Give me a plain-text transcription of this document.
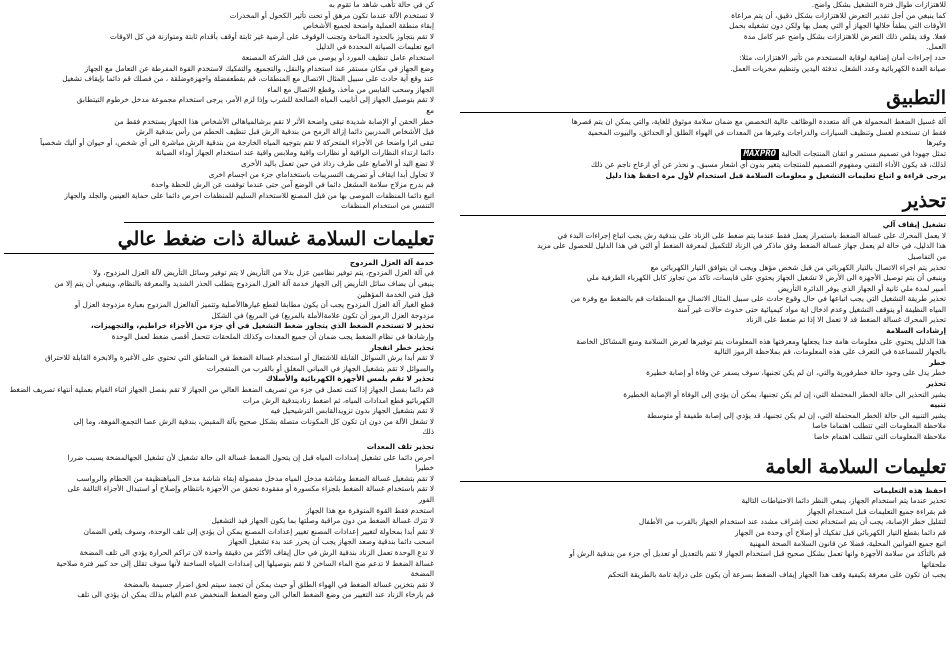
كن في حالة تأهب شاهد ما تقوم به
لا تستخدم الآلة عندما تكون مرهق أو تحت تأثير الكحول أو المخدرات
إبقاء منطقة العملية واضحة لجميع الأشخاص
لا تقم بتجاوز بالحدود المتاحة وتجنب الوقوف على أرضية غير ثابتة أوقف بأقدام ثابتة ومتوازنة في كل الاوقات
اتبع تعليمات الصيانة المحددة في الدليل
استخدام عامل تنظيف المورد أو يوصى من قبل الشركة المصنعة
وضع الجهاز في مكان مستقر عند استخدام والنقل، والتجميع، والتفكيك لاستخدم القوة المفرطة عن التعامل مع الجهاز
عند وقع آية حادث على سبيل المثال الاتصال مع المنطقات، قم بقطعفضلة واجهزةوضلقة ، من فصلك قم دائما بإيقاف تشغيل
الجهاز وسحب القابس من مأخذ، وقطع الاتصال مع الماء
لا تقم بتوصيل الجهاز إلى أنابيب المياه الصالحة للشرب وإذا لزم الأمر، يرجى استخدام مجموعة مدخل خرطوم التيتطابق
مع
خطر الحقن أو الإصابة شديدة تبقى واضحة الأثر لا تقم برشالمياهالى الأشخاص هذا الجهاز يستخدم فقط من
قبل الأشخاص المدربين دائما إزالة الرمح من بندقية الرش قبل تنظيف الحطم من رأس بندقية الرش
تبقى اثرا واضحا عن الأجزاء المتحركة لا تقم بتوجيه المياه الخارجة من بندقية الرش مباشرة الى أي شخص، أو حيوان أو أليك شخصياً
دائما ارتداء النظارات الواقية أو نظارات واقية وملابس واقية عند استخدام الجهاز أوداء الصيانة
لا تضع اليد أو الأصابع على طرف رذاذ في حين تعمل باليد الأخرى
لا تحاول أبدا ايقاف أو تصريف التسريبات باستخداماي جزء من اجسام اخرى
قم بدرج مزلاج سلامة المشغل دائما في الوضع آمن حتى عندما توقفت عن الرش للحظة واحدة
اتبع دائما المنظفات الموصى بها من قبل المصنع للاستخدام السليم للمنظفات احرص دائما على حماية العينين والجلد والجهاز
التنفس من استخدام المنظفات
تعليمات السلامة غسالة ذات ضغط عالي
خدمة آلة العزل المزدوج
في آلة العزل المزدوج، يتم توفير نظامين عزل بدلا من التأريض لا يتم توفير وسائل التأريض لآلة العزل المزدوج، ولا
ينبغي أن يضاف سائل التأريض إلى الجهاز خدمة آلة العزل المزدوج يتطلب الحذر الشديد والمعرفة بالنظام، وينبغي أن يتم إلا من
قبل فني الخدمة المؤهلين
قطع الغيار آلة العزل المزدوج يجب أن يكون مطابقا لقطع غيارهاالأصلية وتتميز آلةالعزل المزدوج بعبارة مزدوجة العزل أو
مزدوجة العزل الرموز أن تكون علامةالأملة بالمربع) في المربع) في الشكل
تحذير لا تستخدم الضغط الذي يتجاوز ضغط التشغيل في أي جزء من الأجزاء خراطيم، والتجهيزات،
وإرشادها في نظام الضغط يجب ضمان أن جميع المعدات وكذلك الملحقات تتحمل أقصى ضغط لعمل الوحدة
تحذير خطر انفجار
لا تقم أبدا برش السوائل القابلة للاشتعال أو استخدام غسالة الضغط في المناطق التي تحتوي على الأغبرة والابخرة القابلة للاحتراق
والسوائل لا تقم بتشغيل الجهاز في المباني المغلق أو بالقرب من المتفجرات
تحذير لا تقم بلمس الأجهزة الكهربائية والأسلاك
قم دائما بفصل الجهاز إذا كنت تعمل في جزء من تصريف الضغط العالي من الجهاز لا تقم بفصل الجهاز اثناء القيام بعملية أنتهاء تصريف الضغط
الكهربائيو قطع امدادات المياه، ثم اضغط زناديندقية الرش مرات
لا تقم بتشغيل الجهاز بدون تزويدالقابس الترشيحيل فيه
لا تشغل الآلة من دون ان تكون كل المكونات متصلة بشكل صحيح بآلة المقبض، بندقية الرش عصا التجمع،الفوهة، وما إلى
ذلك
تحذير تلف المعدات
احرص دائما على تشغيل إمدادات المياه قبل إن يتحول الضغط غسالة الى حالة تشغيل لأن تشغيل الجهالمضخة يسبب ضررا
خطيرا
لا تقم بتشغيل غسالة الضغط وشاشة مدخل المياه مدخل مفصولة إبقاء شاشة مدخل المياهنظيفة من الحطام والرواسب
لا تقم باستخدام غسالة الضغط بلجزاء مكسورة أو مفقودة تحقق من الأجهزة بانتظام وإصلاح أو استبدال الأجزاء التالفة على
الفور
استخدم فقط القوة المتوفرة مع هذا الجهاز
لا تترك غسالة الضغط من دون مراقبة وصلتها بما يكون الجهاز قيد التشغيل
لا تقم أبدا بمحاولة لتغيير إعدادات المصنع تغيير إعدادات المصنع يمكن أن يؤدي إلى تلف الوحدة، وسوف يلغي الضمان
اسحب دائما بندقية وصعد الجهاز يجب أن يحرر عند بدء تشغيل الجهاز
لا تدع الوحدة تعمل الزناد بندقية الرش في حال إيقاف الأكثر من دقيقة واحدة لان تراكم الحرارة يؤدي الى تلف المضخة
غسالة الضغط لا تدعم ضخ الماء الساخن لا تقم بتوصيلها إلى إمدادات المياه الساخنة لأنها سوف تقلل إلى حد كبير فترة صلاحية
المضخة
لا تقم بتخزين غسالة الضغط في الهواء الطلق أو حيث يمكن أن تجمد سيتم لحق اضرار جسيمة بالمضخة
قم بارخاء الزناد عند التغيير من وضع الضغط العالي الى وضع الضغط المنخفض عدم القيام بذلك يمكن ان يؤدي الى تلف
للاهتزازات طوال فترة التشغيل بشكل واضح.
كما ينبغي من أجل تقدير التعرض للاهتزازات بشكل دقيق، أن يتم مراعاة
الأوقات التي يطفأ خلالها الجهاز أو التي يعمل بها ولكن دون تشغيله بحمل
فعلا. وقد يقلص ذلك التعرض للاهتزازات بشكل واضح عبر كامل مدة
العمل.
حدد إجراءات أمان إضافية لوقاية المستخدم من تأثير الاهتزازات، مثلا:
صيانة العدة الكهربائية وعدد الشغل، تدفئة اليدين وتنظيم مجريات العمل.
التطبيق
آلة غسيل الضغط المحمولة هي آلة متعددة الوظائف عالية التخصص مع ضمان سلامة موثوق للغاية، والتي يمكن ان يتم قصرها
فقط ان تستخدم لغسل وتنظيف السيارات والدراجات وغيرها من المعدات في الهواء الطلق أو الحدائق، والبيوت المحمية
وغيرها
تمثل جهودا في تصميم مستمر و اتقان المنتجات الحالية MAXPRO
لذلك، قد يكون الأداء التقني ومفهوم التصميم للمنتجات يتغير بدون أي اشعار مسبق. و نحذر عن أي ازعاج ناجم عن ذلك
يرجى قراءة و اتباع تعليمات التشغيل و معلومات السلامة قبل استخدام لأول مرة احفظ هذا دليل
تحذير
تشغيل إيقاف آلي
لا يعمل المحرك على غسالة الضغط باستمرار يعمل فقط عندما يتم ضغط على الزناد على بندقية رش يجب اتباع إجراءات البدء في
هذا الدليل، في حالة لم يعمل جهاز غسالة الضغط وفق ماذكر في الزناد للتكميل لمعرفة الضغط أو التي في هذا الدليل للحصول على مزيد
من التفاصيل
تحذير يتم اجراء الاتصال بالتيار الكهربائي من قبل شخص مؤهل ويجب ان يتوافق التيار الكهربائي مع
وينبغي أن يتم توصيل الأجهزة الى الأرض لا تشغيل الجهاز يحتوي على قابسات، تاكد من تجاوز كابل الكهرباء الطرفية ملي
أمبير لمدة ملي ثانية أو الجهاز الذي يوفر الدائرة التأريض
تحذير طريقة التشغيل التي يجب اتباعها في حال وقوع حادث على سبيل المثال الاتصال مع المنطقات قم بالضغط مع وفرة من
المياه النظيفة أو يتوقف التشغيل وعدم ادخال اية مواد كيميائية حتى حدوث حالات غير آمنة
تحذير المحرك غسالة الضغط قد لا تعمل الا إذا تم ضغط على الزناد
إرشادات السلامة
هذا الدليل يحتوي على معلومات هامة جدا يجعلها ومعرفتها هذه المعلومات يتم توفيرها لغرض السلامة ومنع المشاكل الخاصة
بالجهاز للمساعدة في التعرف على هذه المعلومات، قم بملاحظة الرموز التالية
خطر
خطر يدل على وجود حالة خطرفورية والتي، ان لم يكن تجنبها، سوف يسفر عن وفاة أو إصابة خطيرة
تحذير
يشير التحذير الى حالة الخطر المحتملة التي، إن لم يكن تجنبها، يمكن أن يؤدي إلى الوفاة أو الإصابة الخطيرة
تنبيه
يشير التنبيه الى حالة الخطر المحتملة التي، إن لم يكن تجنبها، قد يؤدي إلى إصابة طفيفة أو متوسطة
ملاحظة المعلومات التي تتطلب اهتماما خاصا
ملاحظة المعلومات التي تتطلب اهتمام خاصا
تعليمات السلامة العامة
احفظ هذه التعليمات
تحذير عندما يتم استخدام الجهاز، ينبغي النظر دائما الاحتياطات التالية
قم بقراءة جميع التعليمات قبل استخدام الجهاز
لتقليل خطر الإصابة، يجب أن يتم استخدام تحت إشراف مشدد عند استخدام الجهاز بالقرب من الأطفال
قم دائما بقطع التيار الكهربائي قبل تفكيك أو إصلاح أي وحدة من الجهاز
اتبع جميع القوانين المحلية، فضلا عن قانون السلامة الصحة المهنية
قم بالتأكد من سلامة الأجهزة وانها تعمل بشكل صحيح قبل استخدام الجهاز لا تقم بالتعديل أو تعديل أي جزء من بندقية الرش أو
ملحقاتها
يجب ان تكون على معرفة بكيفية وقف هذا الجهاز إيقاف الضغط بسرعة أن يكون على دراية تامة بالطريقة التحكم
